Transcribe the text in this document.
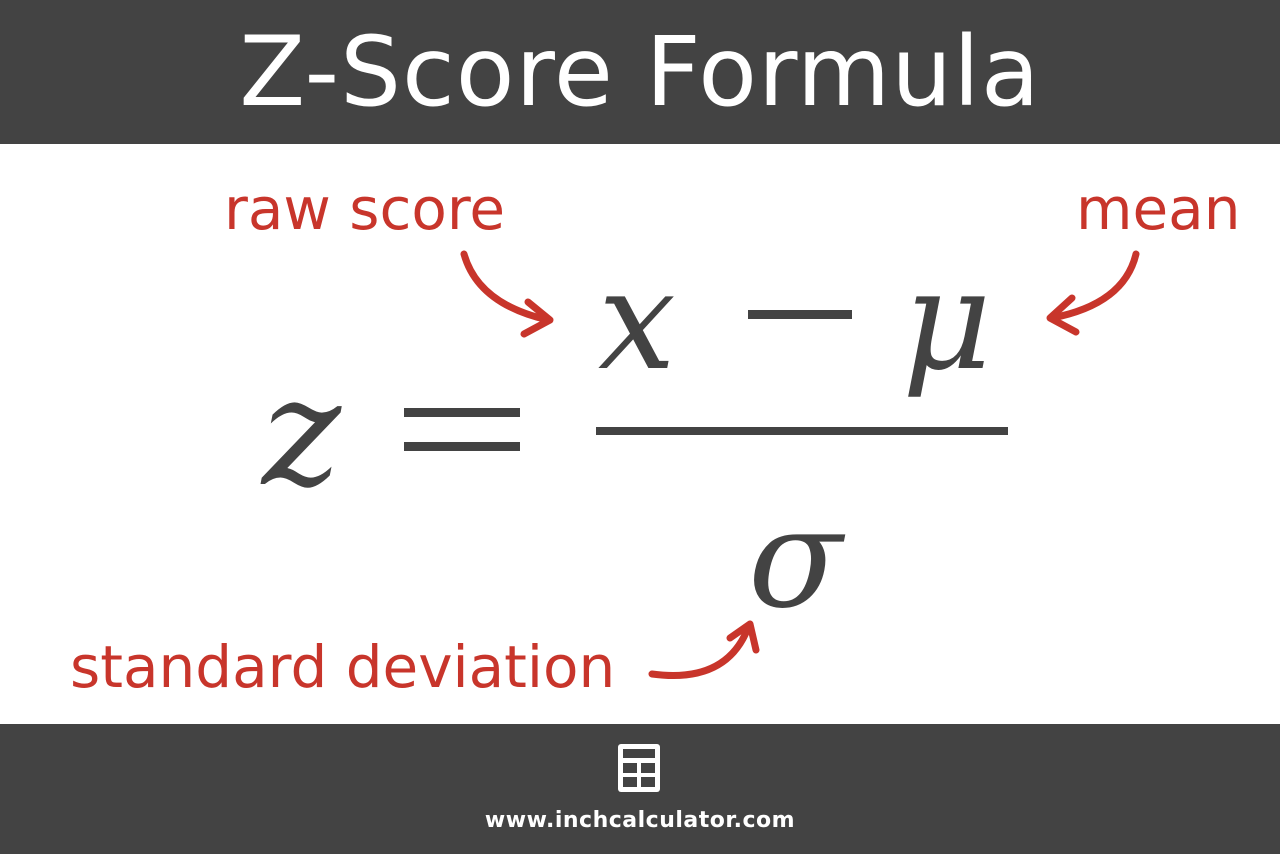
Z-Score Formula
raw score	mean
standard deviation
z
x μ
σ
www.inchcalculator.com
